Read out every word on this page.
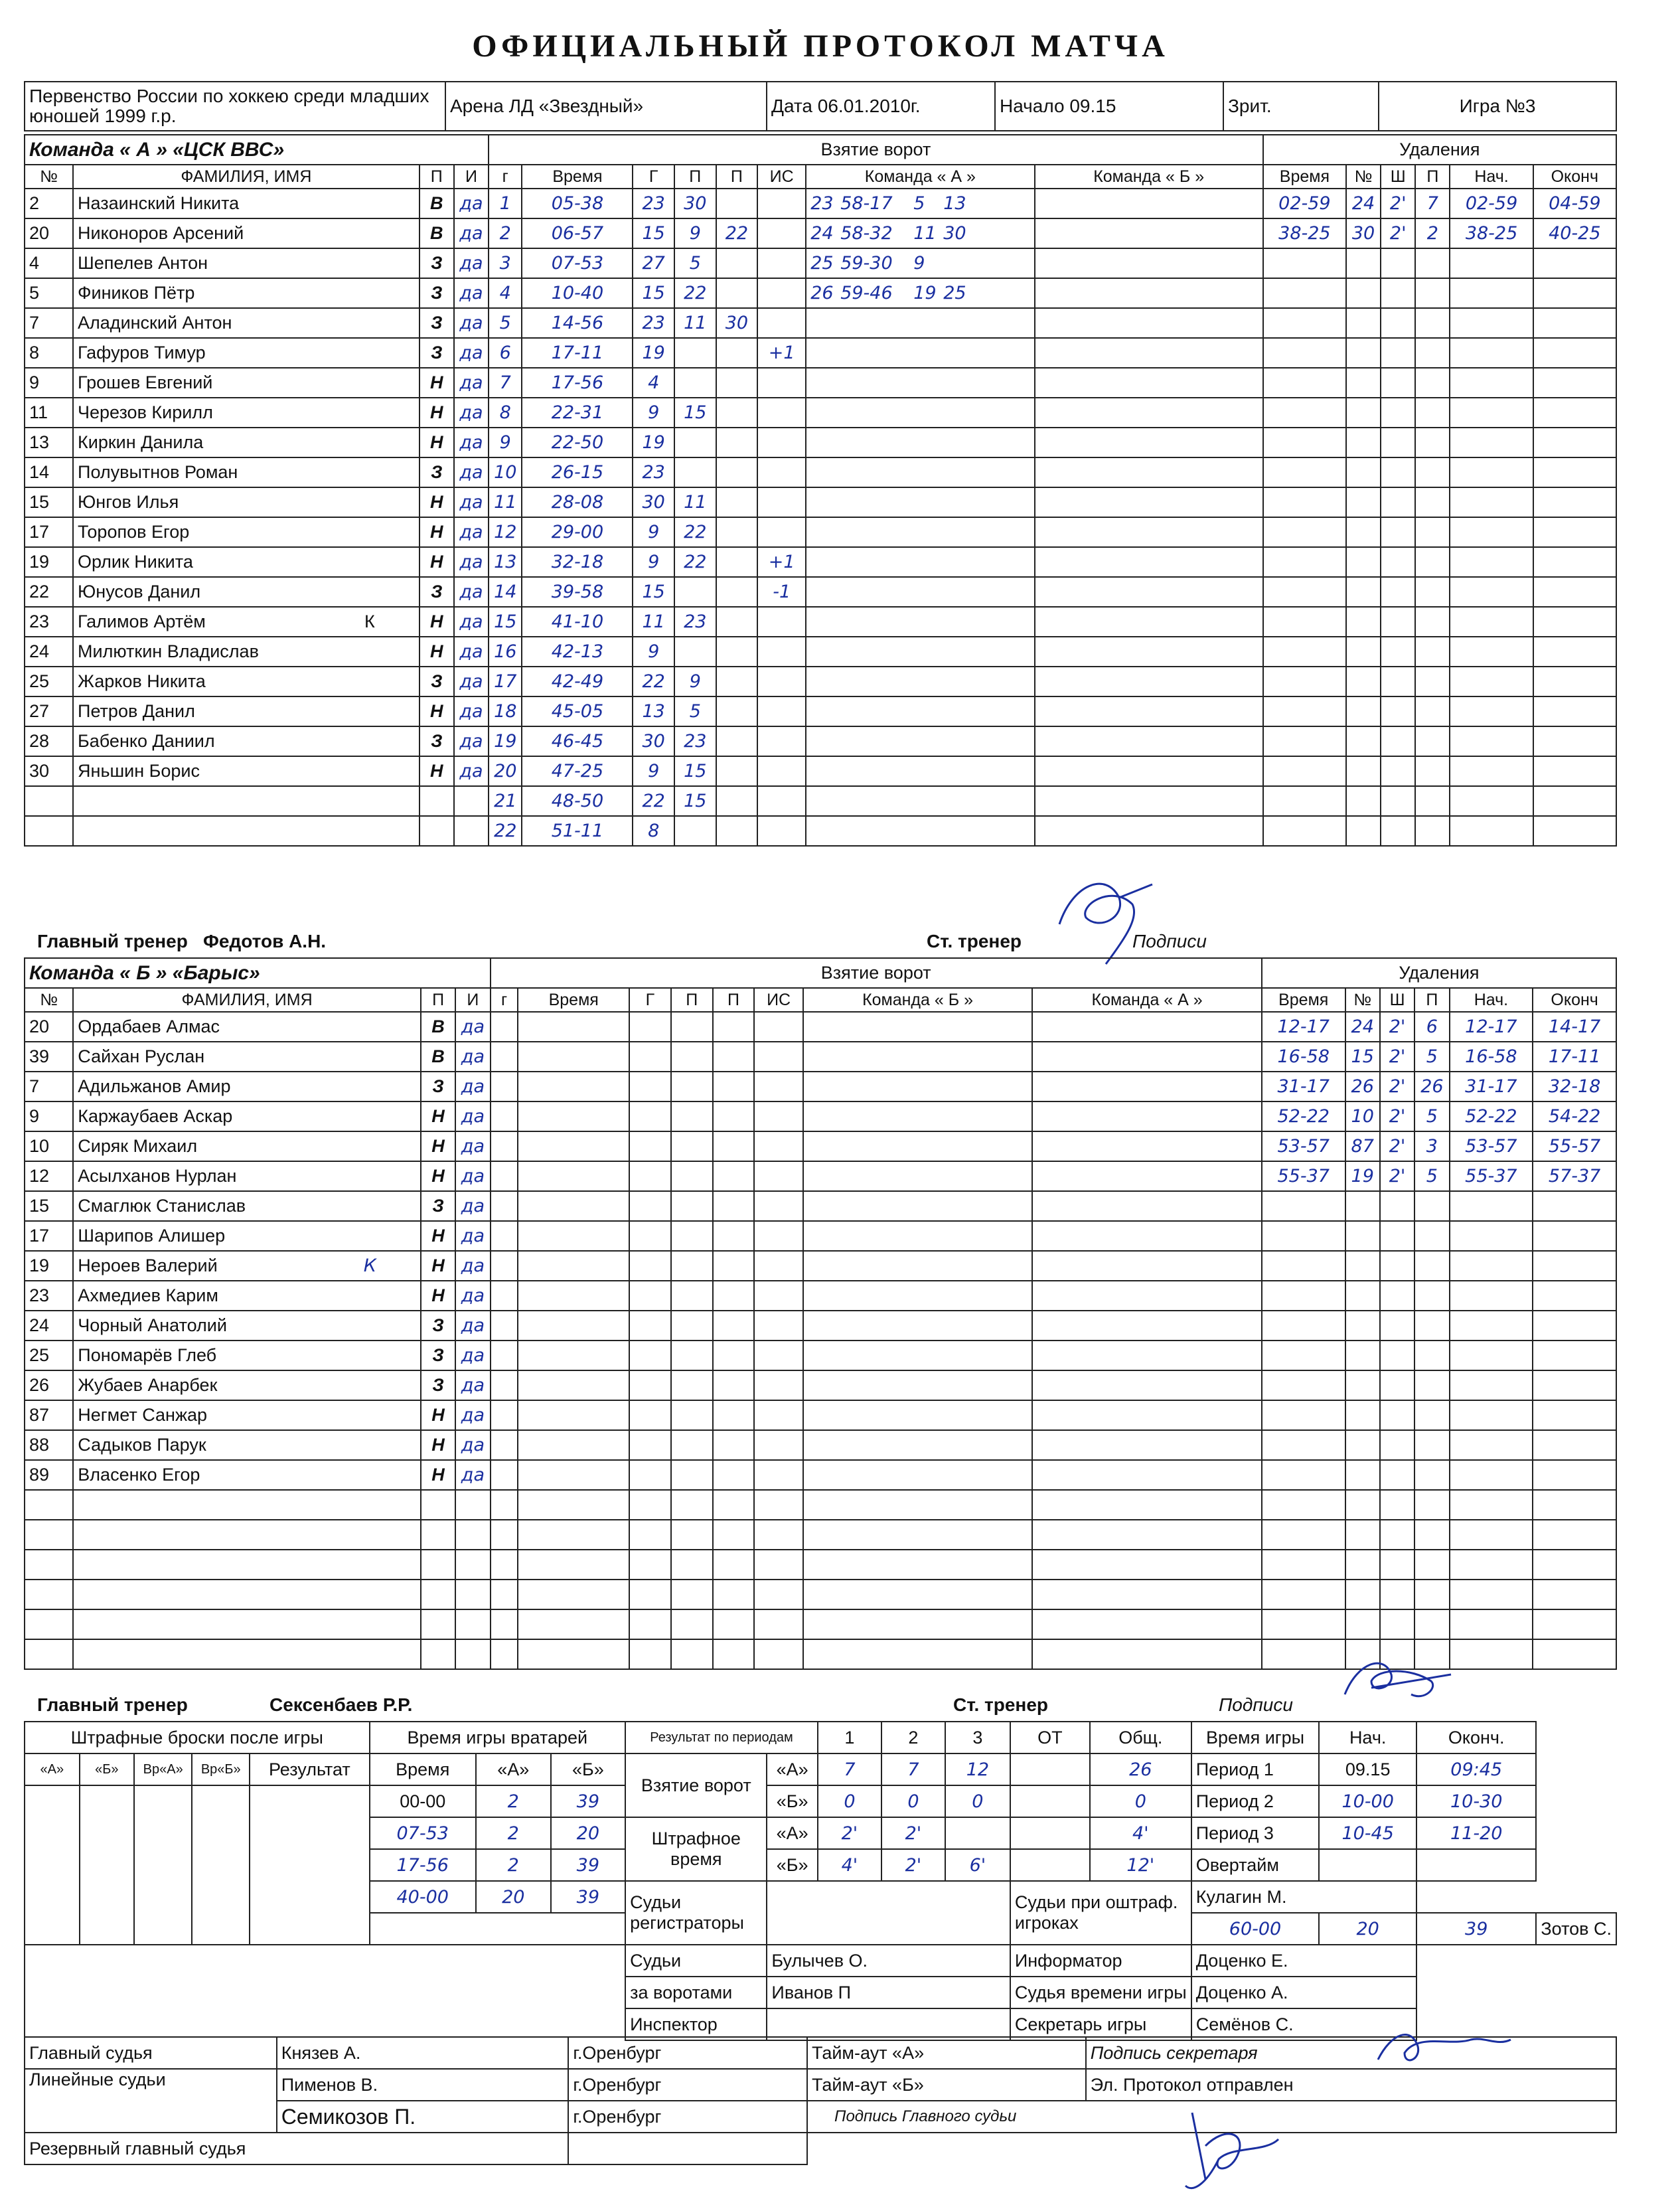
ОФИЦИАЛЬНЫЙ ПРОТОКОЛ МАТЧА
Первенство России по хоккею среди младших юношей 1999 г.р.	Арена ЛД «Звездный»	Дата 06.01.2010г.	Начало 09.15	Зрит.	Игра №3
Команда « А » «ЦСК ВВС»				Взятие ворот								Удаления					
№	ФАМИЛИЯ, ИМЯ	П	И	г	Время	Г	П	П	ИС	Команда « А »	Команда « Б »	Время	№	Ш	П	Нач.	Оконч
2	Назаинский Никита	В	да	1	05-38	23	30			23 58-17 5 13		02-59	24	2'	7	02-59	04-59
20	Никоноров Арсений	В	да	2	06-57	15	9	22		24 58-32 11 30		38-25	30	2'	2	38-25	40-25
4	Шепелев Антон	З	да	3	07-53	27	5			25 59-30 9							
5	Фиников Пётр	З	да	4	10-40	15	22			26 59-46 19 25							
7	Аладинский Антон	З	да	5	14-56	23	11	30									
8	Гафуров Тимур	З	да	6	17-11	19			+1								
9	Грошев Евгений	Н	да	7	17-56	4											
11	Черезов Кирилл	Н	да	8	22-31	9	15										
13	Киркин Данила	Н	да	9	22-50	19											
14	Полувытнов Роман	З	да	10	26-15	23											
15	Юнгов Илья	Н	да	11	28-08	30	11										
17	Торопов Егор	Н	да	12	29-00	9	22										
19	Орлик Никита	Н	да	13	32-18	9	22		+1								
22	Юнусов Данил	З	да	14	39-58	15			-1								
23	Галимов Артём К	Н	да	15	41-10	11	23										
24	Милюткин Владислав	Н	да	16	42-13	9											
25	Жарков Никита	З	да	17	42-49	22	9										
27	Петров Данил	Н	да	18	45-05	13	5										
28	Бабенко Даниил	З	да	19	46-45	30	23										
30	Яньшин Борис	Н	да	20	47-25	9	15										
				21	48-50	22	15										
				22	51-11	8											
Главный тренер Федотов А.Н.	Ст. тренер	Подписи
Команда « Б » «Барыс»				Взятие ворот								Удаления					
№	ФАМИЛИЯ, ИМЯ	П	И	г	Время	Г	П	П	ИС	Команда « Б »	Команда « А »	Время	№	Ш	П	Нач.	Оконч
20	Ордабаев Алмас	В	да									12-17	24	2'	6	12-17	14-17
39	Сайхан Руслан	В	да									16-58	15	2'	5	16-58	17-11
7	Адильжанов Амир	З	да									31-17	26	2'	26	31-17	32-18
9	Каржаубаев Аскар	Н	да									52-22	10	2'	5	52-22	54-22
10	Сиряк Михаил	Н	да									53-57	87	2'	3	53-57	55-57
12	Асылханов Нурлан	Н	да									55-37	19	2'	5	55-37	57-37
15	Смаглюк Станислав	З	да														
17	Шарипов Алишер	Н	да														
19	Нероев Валерий К	Н	да														
23	Ахмедиев Карим	Н	да														
24	Чорный Анатолий	З	да														
25	Пономарёв Глеб	З	да														
26	Жубаев Анарбек	З	да														
87	Негмет Санжар	Н	да														
88	Садыков Парук	Н	да														
89	Власенко Егор	Н	да														

Главный тренер	Сексенбаев Р.Р.	Ст. тренер	Подписи
Штрафные броски после игры					Время игры вратарей			Результат по периодам		1	2	3	ОТ	Общ.	Время игры	Нач.	Оконч.	
«А»	«Б»	Вр«А»	Вр«Б»	Результат	Время	«А»	«Б»	Взятие ворот	«А»	7	7	12		26	Период 1	09.15	09:45	
					00-00	2	39		«Б»	0	0	0		0	Период 2	10-00	10-30	
					07-53	2	20	Штрафное время	«А»	2'	2'			4'	Период 3	10-45	11-20	
					17-56	2	39		«Б»	4'	2'	6'		12'	Овертайм			
					40-00	20	39	Судьи регистраторы					Судьи при оштраф. игроках		Кулагин М.			
															60-00	20	39	Зотов С.
								Судьи	Булычев О.				Информатор		Доценко Е.			
								за воротами	Иванов П				Судья времени игры		Доценко А.			
								Инспектор					Секретарь игры		Семёнов С.			
Главный судья	Князев А.	г.Оренбург	Тайм-аут «А»	Подпись секретаря
Линейные судьи	Пименов В.	г.Оренбург	Тайм-аут «Б»	Эл. Протокол отправлен
	Семикозов П.	г.Оренбург	Подпись Главного судьи	
Резервный главный судья				
